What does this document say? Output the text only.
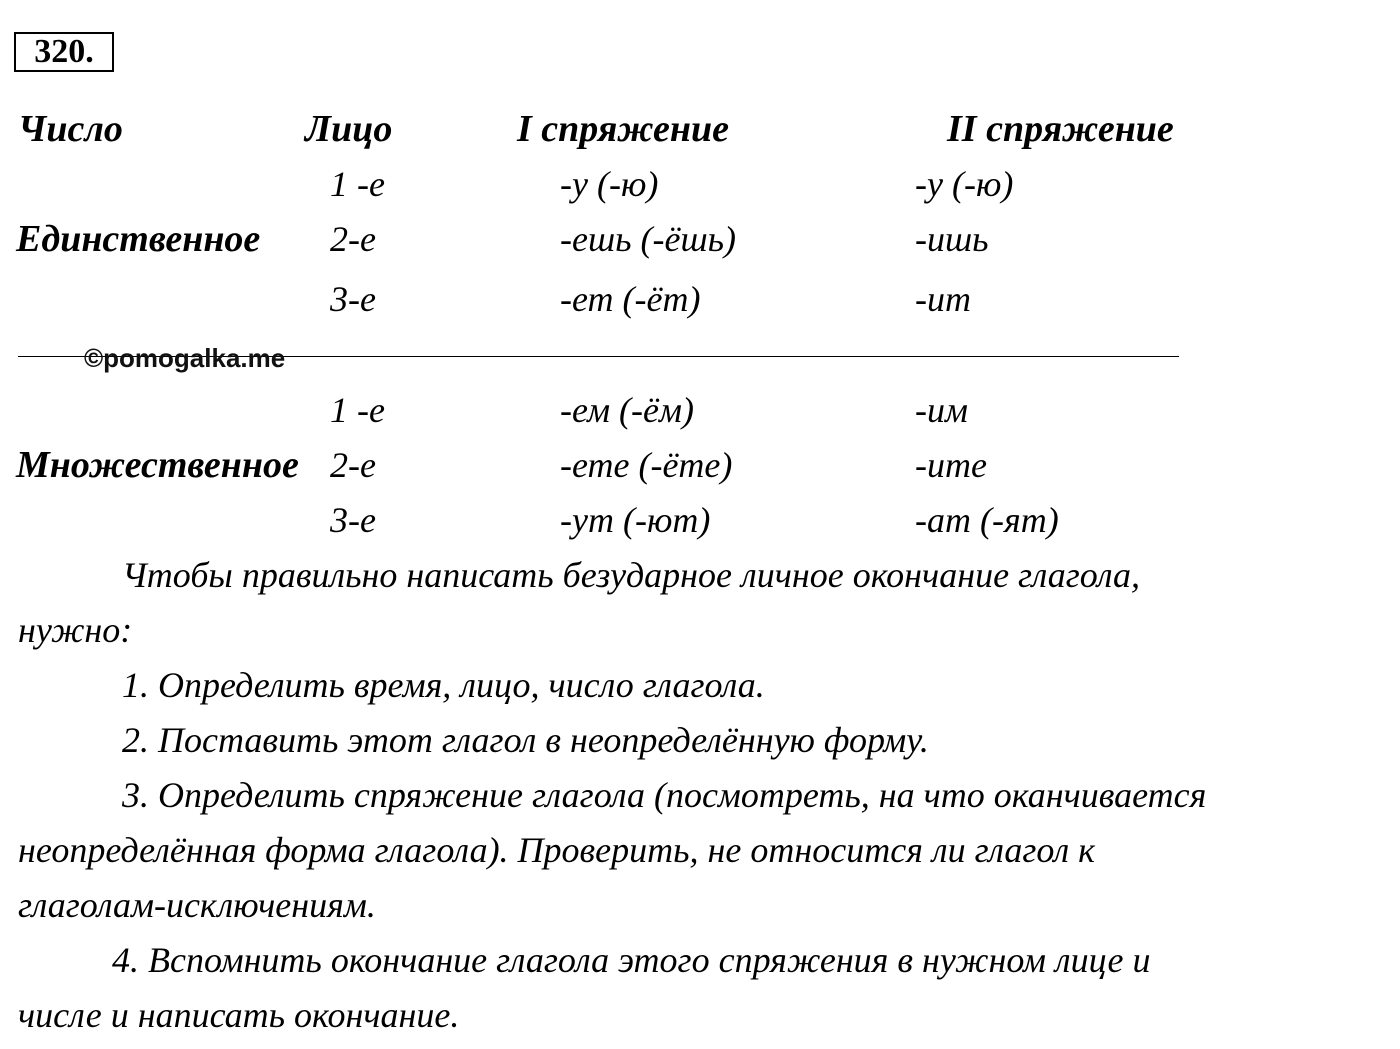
320.
Число	Лицо	I спряжение	II спряжение
Единственное
1 -е	-у (-ю)	-у (-ю)
2-е	-ешь (-ёшь)	-ишь
3-е	-ет (-ёт)	-ит
©pomogalka.me
Множественное
1 -е	-ем (-ём)	-им
2-е	-ете (-ёте)	-ите
3-е	-ут (-ют)	-ат (-ят)
Чтобы правильно написать безударное личное окончание глагола,
нужно:
1. Определить время, лицо, число глагола.
2. Поставить этот глагол в неопределённую форму.
3. Определить спряжение глагола (посмотреть, на что оканчивается
неопределённая форма глагола). Проверить, не относится ли глагол к
глаголам-исключениям.
4. Вспомнить окончание глагола этого спряжения в нужном лице и
числе и написать окончание.
